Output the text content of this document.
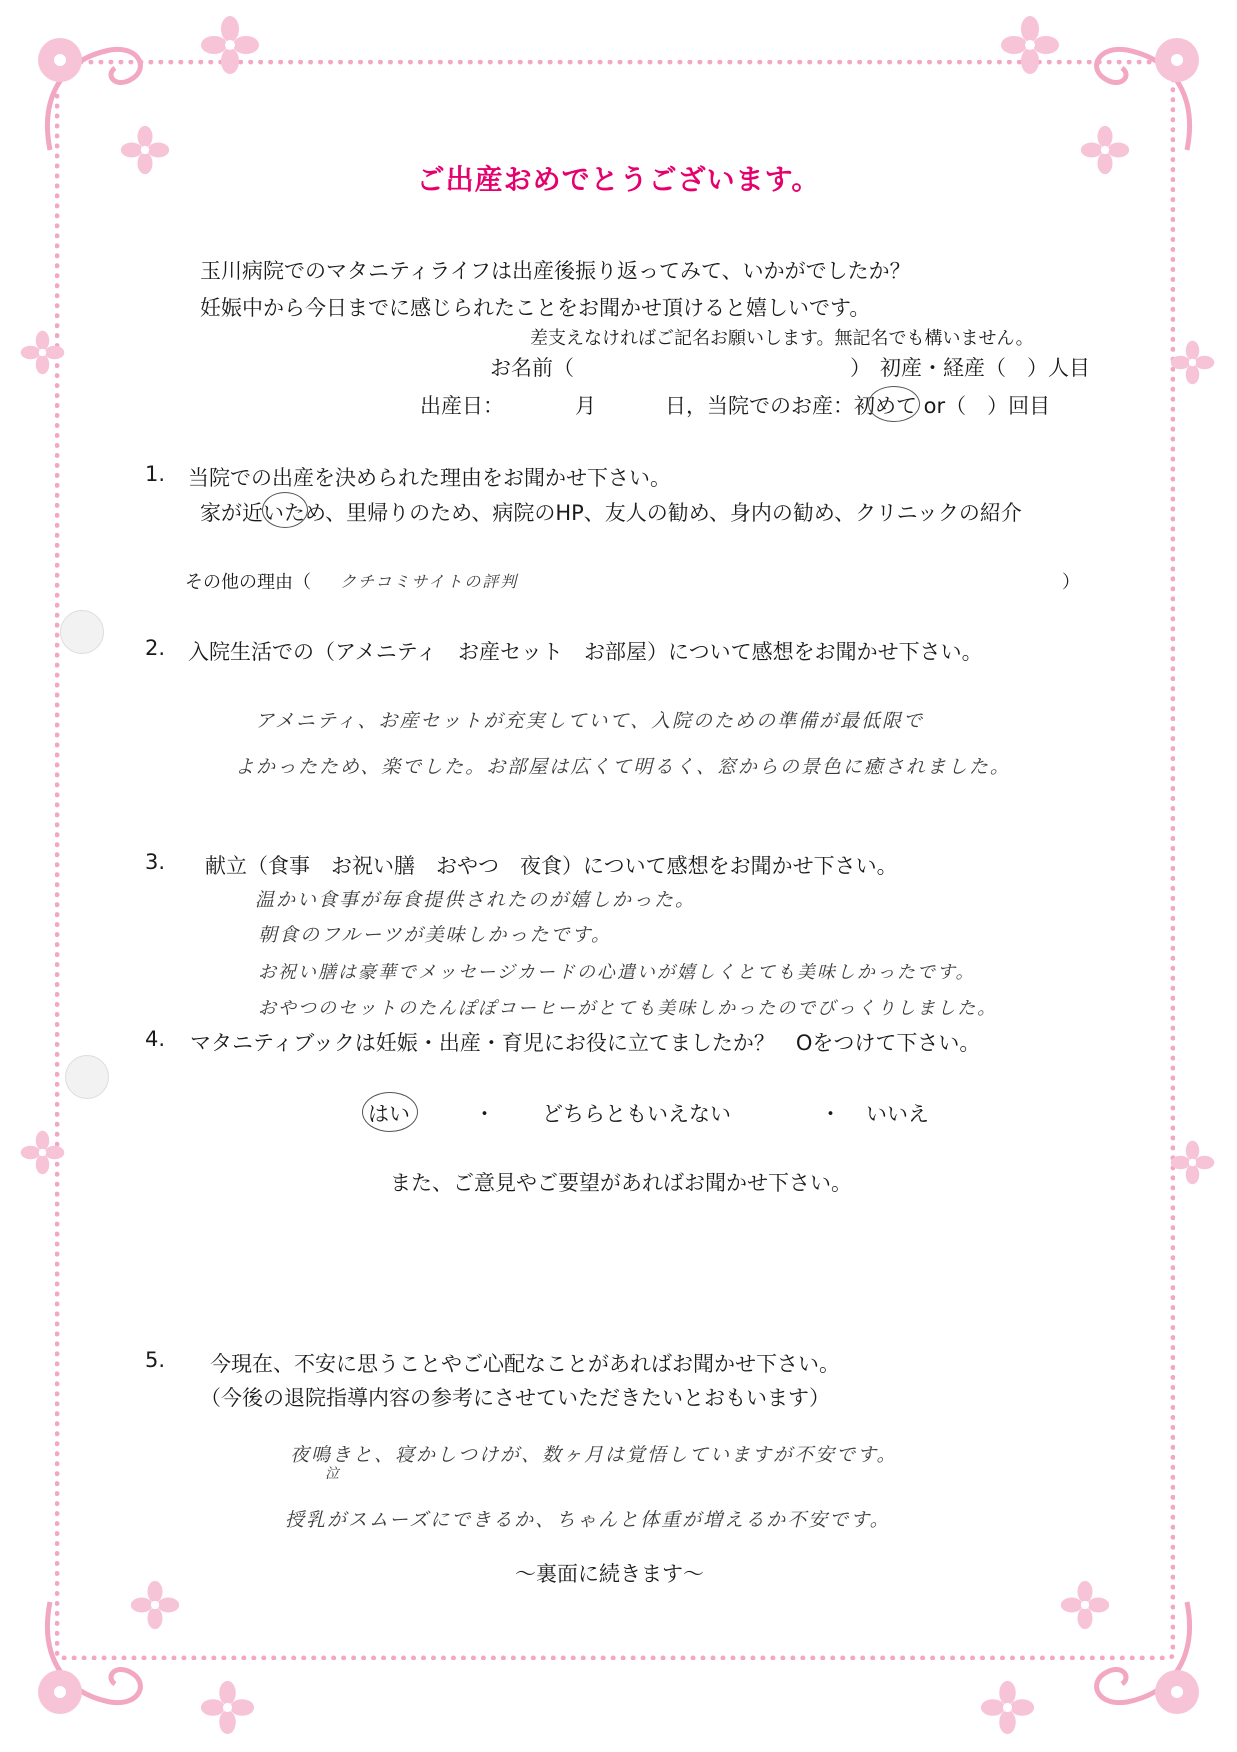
ご出産おめでとうございます。
玉川病院でのマタニティライフは出産後振り返ってみて、いかがでしたか？
妊娠中から今日までに感じられたことをお聞かせ頂けると嬉しいです。
差支えなければご記名お願いします。無記名でも構いません。
お名前（	） 初産・経産（　）人目
出産日：	月	日，当院でのお産：初めて or（　）回目
1. 当院での出産を決められた理由をお聞かせ下さい。
家が近いため、里帰りのため、病院のHP、友人の勧め、身内の勧め、クリニックの紹介
その他の理由（ クチコミサイトの評判	）
2. 入院生活での（アメニティ　お産セット　お部屋）について感想をお聞かせ下さい。
アメニティ、お産セットが充実していて、入院のための準備が最低限で
よかったため、楽でした。お部屋は広くて明るく、窓からの景色に癒されました。
3. 献立（食事　お祝い膳　おやつ　夜食）について感想をお聞かせ下さい。
温かい食事が毎食提供されたのが嬉しかった。
朝食のフルーツが美味しかったです。
お祝い膳は豪華でメッセージカードの心遣いが嬉しくとても美味しかったです。
おやつのセットのたんぽぽコーヒーがとても美味しかったのでびっくりしました。
4. マタニティブックは妊娠・出産・育児にお役に立てましたか？　Oをつけて下さい。
はい	・ どちらともいえない	・ いいえ
また、ご意見やご要望があればお聞かせ下さい。
5. 今現在、不安に思うことやご心配なことがあればお聞かせ下さい。
（今後の退院指導内容の参考にさせていただきたいとおもいます）
夜鳴きと、寝かしつけが、数ヶ月は覚悟していますが不安です。
泣
授乳がスムーズにできるか、ちゃんと体重が増えるか不安です。
〜裏面に続きます〜
